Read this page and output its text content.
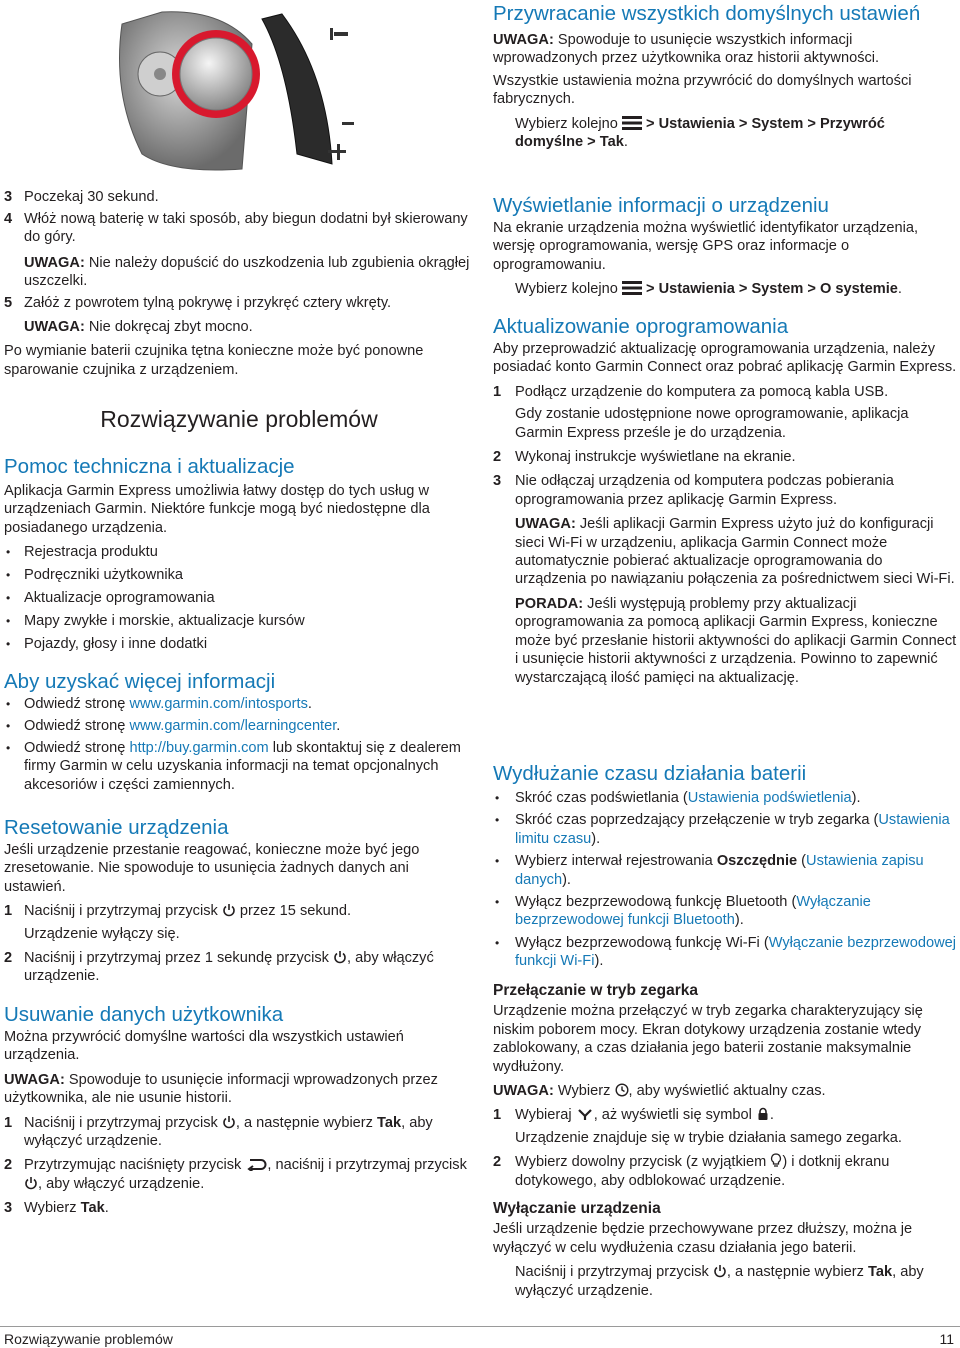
3 Poczekaj 30 sekund.
4 Włóż nową baterię w taki sposób, aby biegun dodatni był skierowany do góry.

UWAGA: Nie należy dopuścić do uszkodzenia lub zgubienia okrągłej uszczelki.

5 Załóż z powrotem tylną pokrywę i przykręć cztery wkręty.

UWAGA: Nie dokręcaj zbyt mocno.

Po wymianie baterii czujnika tętna konieczne może być ponowne sparowanie czujnika z urządzeniem.

Rozwiązywanie problemów
Pomoc techniczna i aktualizacje

Aplikacja Garmin Express umożliwia łatwy dostęp do tych usług w urządzeniach Garmin. Niektóre funkcje mogą być niedostępne dla posiadanego urządzenia.

• Rejestracja produktu
• Podręczniki użytkownika
• Aktualizacje oprogramowania
• Mapy zwykłe i morskie, aktualizacje kursów
• Pojazdy, głosy i inne dodatki
Aby uzyskać więcej informacji
• Odwiedź stronę www.garmin.com/intosports.
• Odwiedź stronę www.garmin.com/learningcenter.
• Odwiedź stronę http://buy.garmin.com lub skontaktuj się z dealerem firmy Garmin w celu uzyskania informacji na temat opcjonalnych akcesoriów i części zamiennych.

Resetowanie urządzenia

Jeśli urządzenie przestanie reagować, konieczne może być jego zresetowanie. Nie spowoduje to usunięcia żadnych danych ani ustawień.

1 Naciśnij i przytrzymaj przycisk  przez 15 sekund.

Urządzenie wyłączy się.

2 Naciśnij i przytrzymaj przez 1 sekundę przycisk , aby włączyć urządzenie.

Usuwanie danych użytkownika

Można przywrócić domyślne wartości dla wszystkich ustawień urządzenia.

UWAGA: Spowoduje to usunięcie informacji wprowadzonych przez użytkownika, ale nie usunie historii.

1 Naciśnij i przytrzymaj przycisk , a następnie wybierz Tak, aby wyłączyć urządzenie.

2 Przytrzymując naciśnięty przycisk , naciśnij i przytrzymaj przycisk , aby włączyć urządzenie.

3 Wybierz Tak.

Przywracanie wszystkich domyślnych ustawień

UWAGA: Spowoduje to usunięcie wszystkich informacji wprowadzonych przez użytkownika oraz historii aktywności.

Wszystkie ustawienia można przywrócić do domyślnych wartości fabrycznych.

Wybierz kolejno  > Ustawienia > System > Przywróć domyślne > Tak.

Wyświetlanie informacji o urządzeniu

Na ekranie urządzenia można wyświetlić identyfikator urządzenia, wersję oprogramowania, wersję GPS oraz informacje o oprogramowaniu.

Wybierz kolejno  > Ustawienia > System > O systemie.

Aktualizowanie oprogramowania

Aby przeprowadzić aktualizację oprogramowania urządzenia, należy posiadać konto Garmin Connect oraz pobrać aplikację Garmin Express.

1 Podłącz urządzenie do komputera za pomocą kabla USB.

Gdy zostanie udostępnione nowe oprogramowanie, aplikacja Garmin Express prześle je do urządzenia.

2 Wykonaj instrukcje wyświetlane na ekranie.

3 Nie odłączaj urządzenia od komputera podczas pobierania oprogramowania przez aplikację Garmin Express.

UWAGA: Jeśli aplikacji Garmin Express użyto już do konfiguracji sieci Wi‑Fi w urządzeniu, aplikacja Garmin Connect może automatycznie pobierać aktualizacje oprogramowania do urządzenia po nawiązaniu połączenia za pośrednictwem sieci Wi‑Fi.

PORADA: Jeśli występują problemy przy aktualizacji oprogramowania za pomocą aplikacji Garmin Express, konieczne może być przesłanie historii aktywności do aplikacji Garmin Connect i usunięcie historii aktywności z urządzenia. Powinno to zapewnić wystarczającą ilość pamięci na aktualizację.

Wydłużanie czasu działania baterii
• Skróć czas podświetlania (Ustawienia podświetlenia).

• Skróć czas poprzedzający przełączenie w tryb zegarka (Ustawienia limitu czasu).

• Wybierz interwał rejestrowania Oszczędnie (Ustawienia zapisu danych).

• Wyłącz bezprzewodową funkcję Bluetooth (Wyłączanie bezprzewodowej funkcji Bluetooth).

• Wyłącz bezprzewodową funkcję Wi‑Fi (Wyłączanie bezprzewodowej funkcji Wi‑Fi).

Przełączanie w tryb zegarka

Urządzenie można przełączyć w tryb zegarka charakteryzujący się niskim poborem mocy. Ekran dotykowy urządzenia zostanie wtedy zablokowany, a czas działania jego baterii zostanie maksymalnie wydłużony.

UWAGA: Wybierz , aby wyświetlić aktualny czas.

1 Wybieraj , aż wyświetli się symbol .

Urządzenie znajduje się w trybie działania samego zegarka.

2 Wybierz dowolny przycisk (z wyjątkiem ) i dotknij ekranu dotykowego, aby odblokować urządzenie.

Wyłączanie urządzenia

Jeśli urządzenie będzie przechowywane przez dłuższy, można je wyłączyć w celu wydłużenia czasu działania jego baterii.

Naciśnij i przytrzymaj przycisk , a następnie wybierz Tak, aby wyłączyć urządzenie.

Rozwiązywanie problemów	11
